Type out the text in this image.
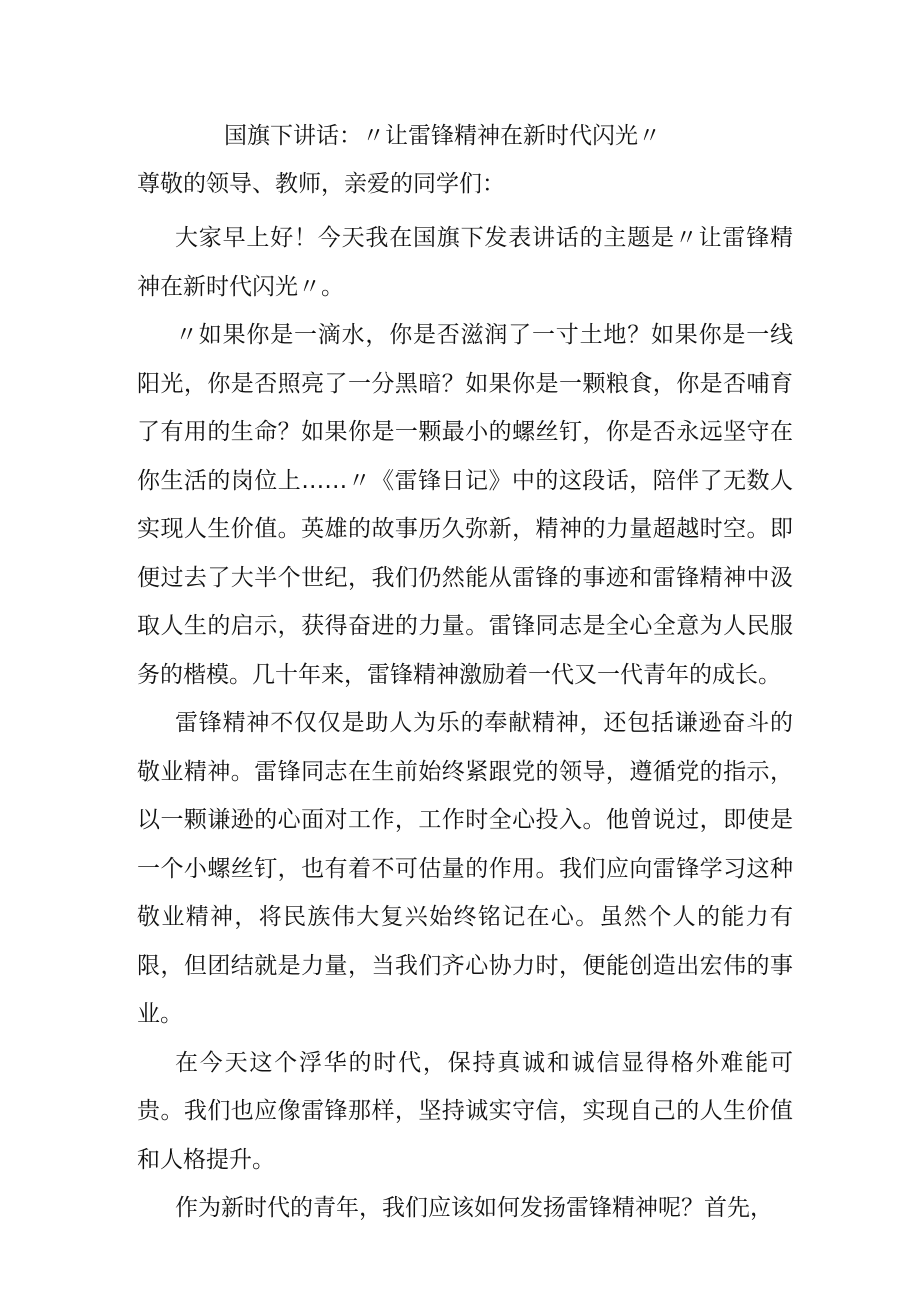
国旗下讲话：〃让雷锋精神在新时代闪光〃
尊敬的领导、教师，亲爱的同学们：

大家早上好！今天我在国旗下发表讲话的主题是〃让雷锋精神在新时代闪光〃。

〃如果你是一滴水，你是否滋润了一寸土地？如果你是一线阳光，你是否照亮了一分黑暗？如果你是一颗粮食，你是否哺育了有用的生命？如果你是一颗最小的螺丝钉，你是否永远坚守在你生活的岗位上……〃《雷锋日记》中的这段话，陪伴了无数人实现人生价值。英雄的故事历久弥新，精神的力量超越时空。即便过去了大半个世纪，我们仍然能从雷锋的事迹和雷锋精神中汲取人生的启示，获得奋进的力量。雷锋同志是全心全意为人民服务的楷模。几十年来，雷锋精神激励着一代又一代青年的成长。

雷锋精神不仅仅是助人为乐的奉献精神，还包括谦逊奋斗的敬业精神。雷锋同志在生前始终紧跟党的领导，遵循党的指示，以一颗谦逊的心面对工作，工作时全心投入。他曾说过，即使是一个小螺丝钉，也有着不可估量的作用。我们应向雷锋学习这种敬业精神，将民族伟大复兴始终铭记在心。虽然个人的能力有限，但团结就是力量，当我们齐心协力时，便能创造出宏伟的事业。

在今天这个浮华的时代，保持真诚和诚信显得格外难能可贵。我们也应像雷锋那样，坚持诚实守信，实现自己的人生价值和人格提升。

作为新时代的青年，我们应该如何发扬雷锋精神呢？首先，
